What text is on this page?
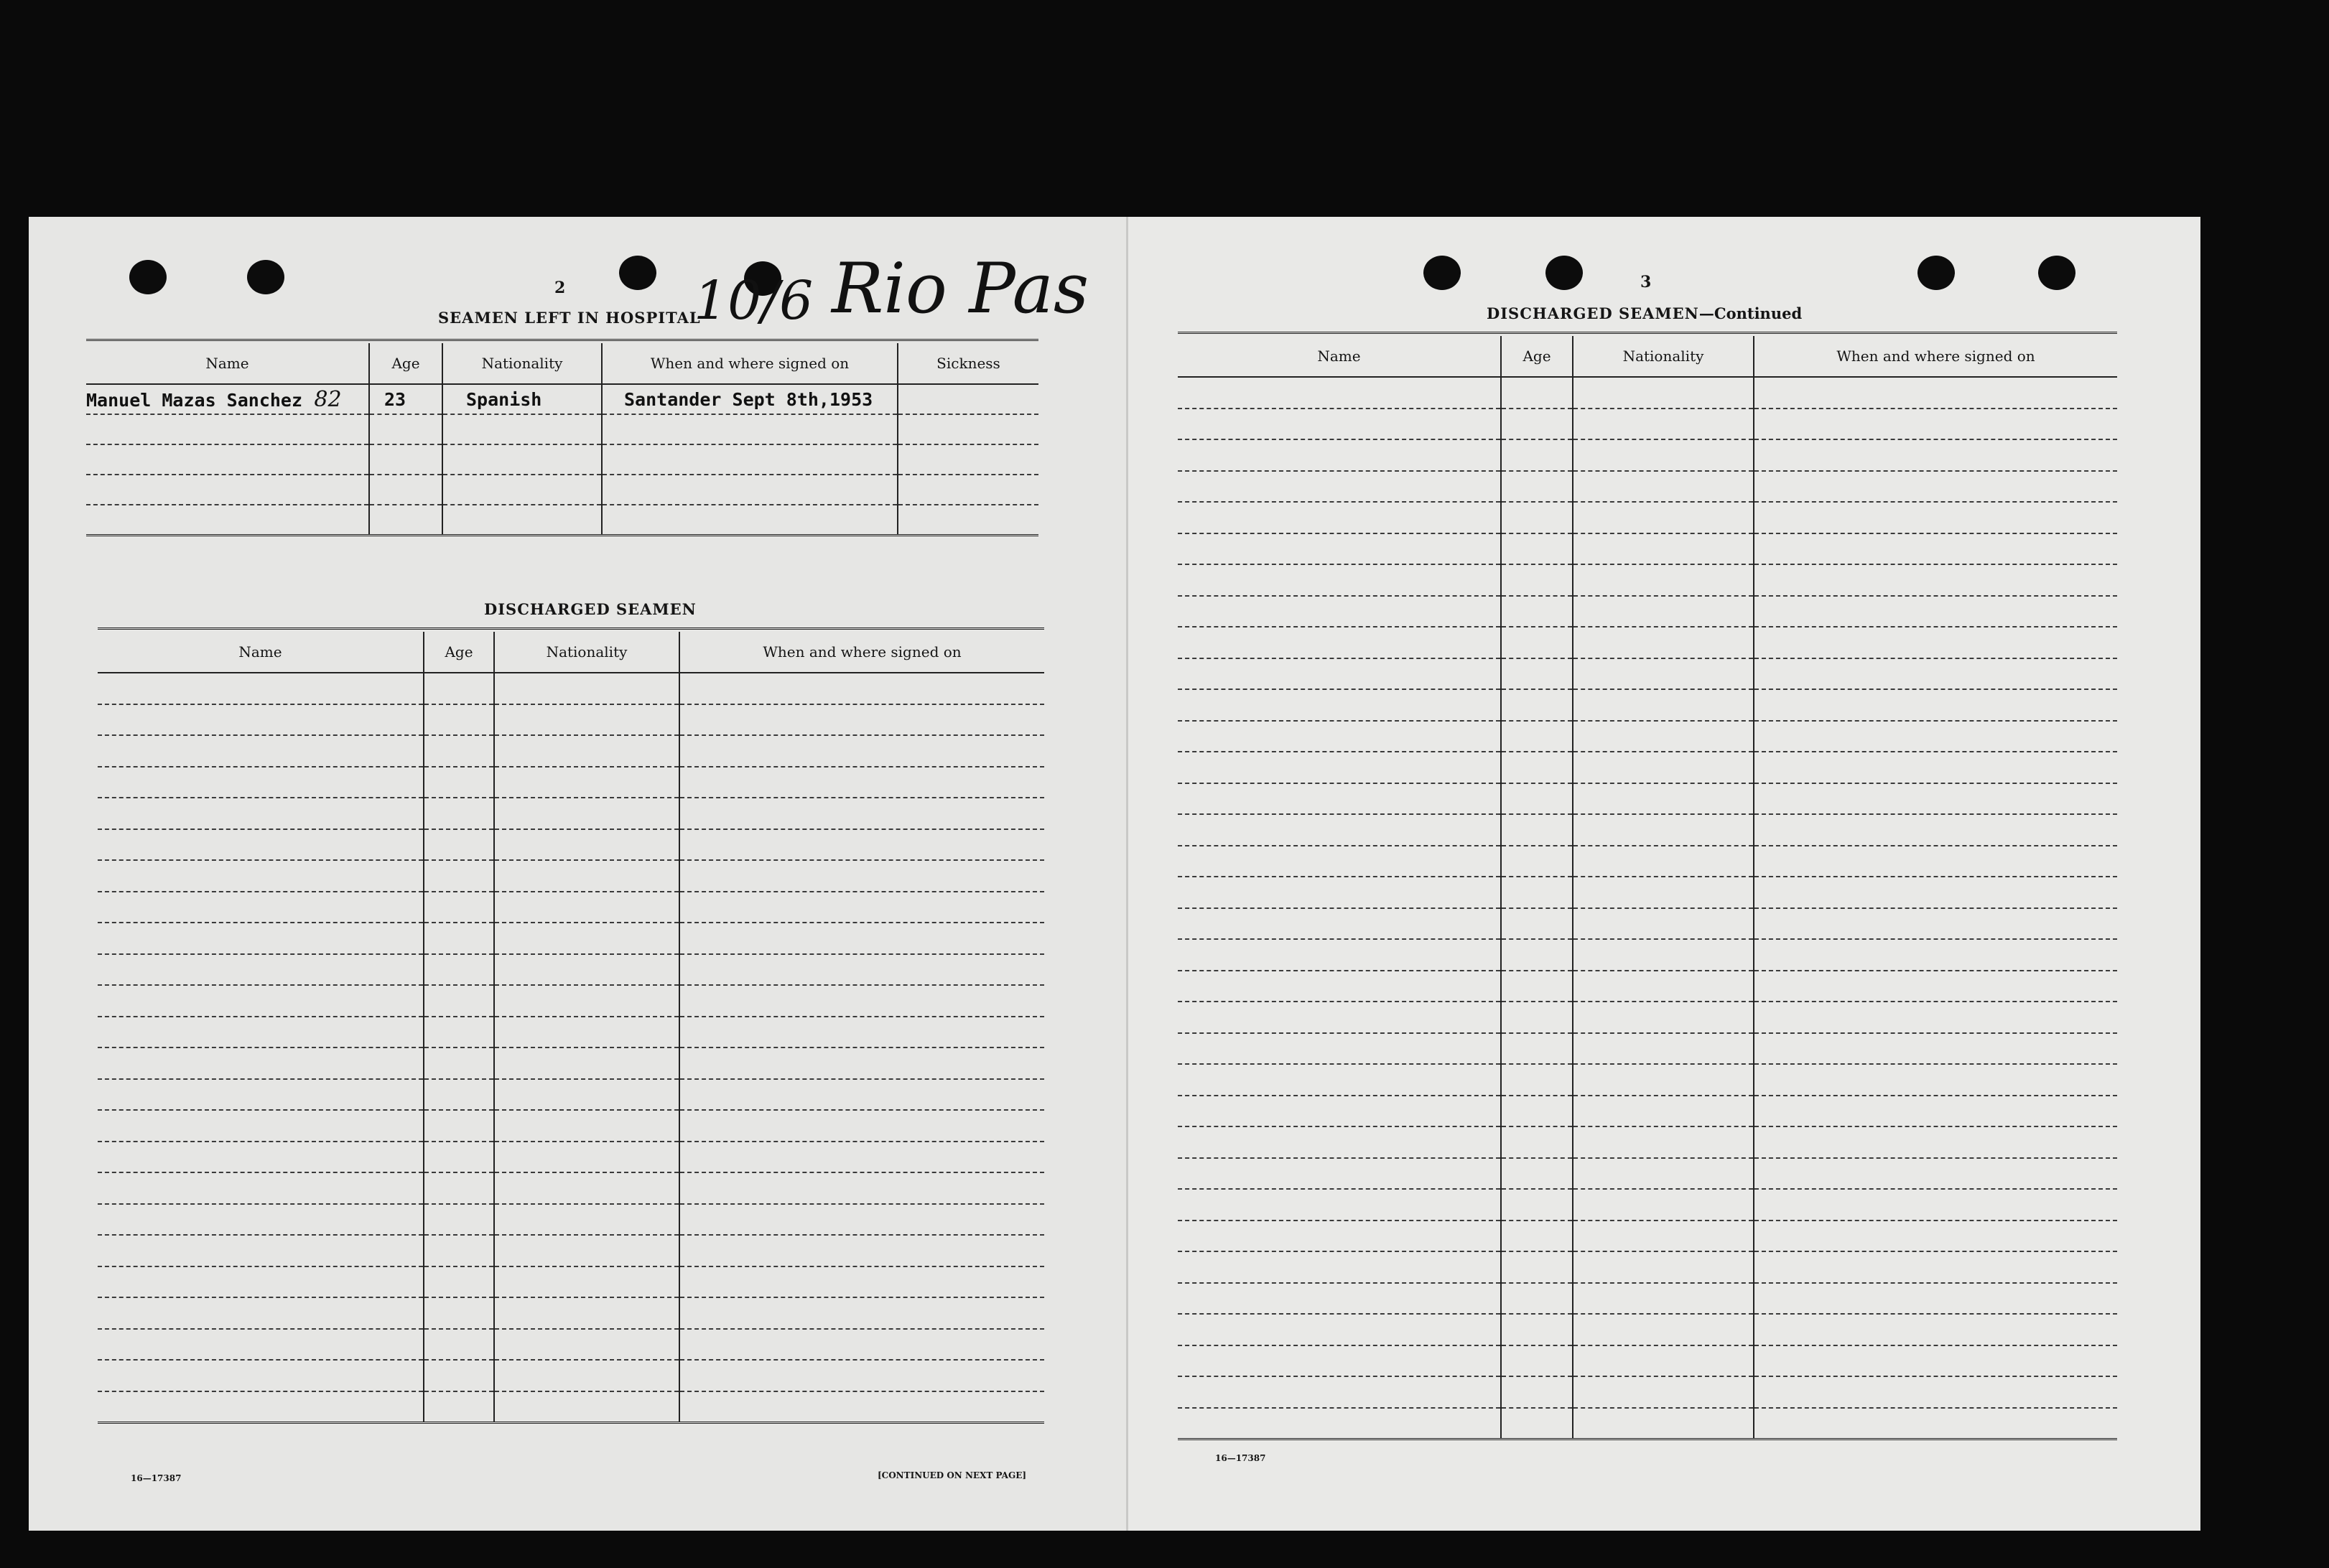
2
SEAMEN LEFT IN HOSPITAL
10/6 Rio Pas
Name	Age	Nationality	When and where signed on	Sickness
Manuel Mazas Sanchez 82	23	Spanish	Santander Sept 8th,1953	

DISCHARGED SEAMEN
Name	Age	Nationality	When and where signed on

16—17387	[CONTINUED ON NEXT PAGE]
3
DISCHARGED SEAMEN—Continued
Name	Age	Nationality	When and where signed on

16—17387
